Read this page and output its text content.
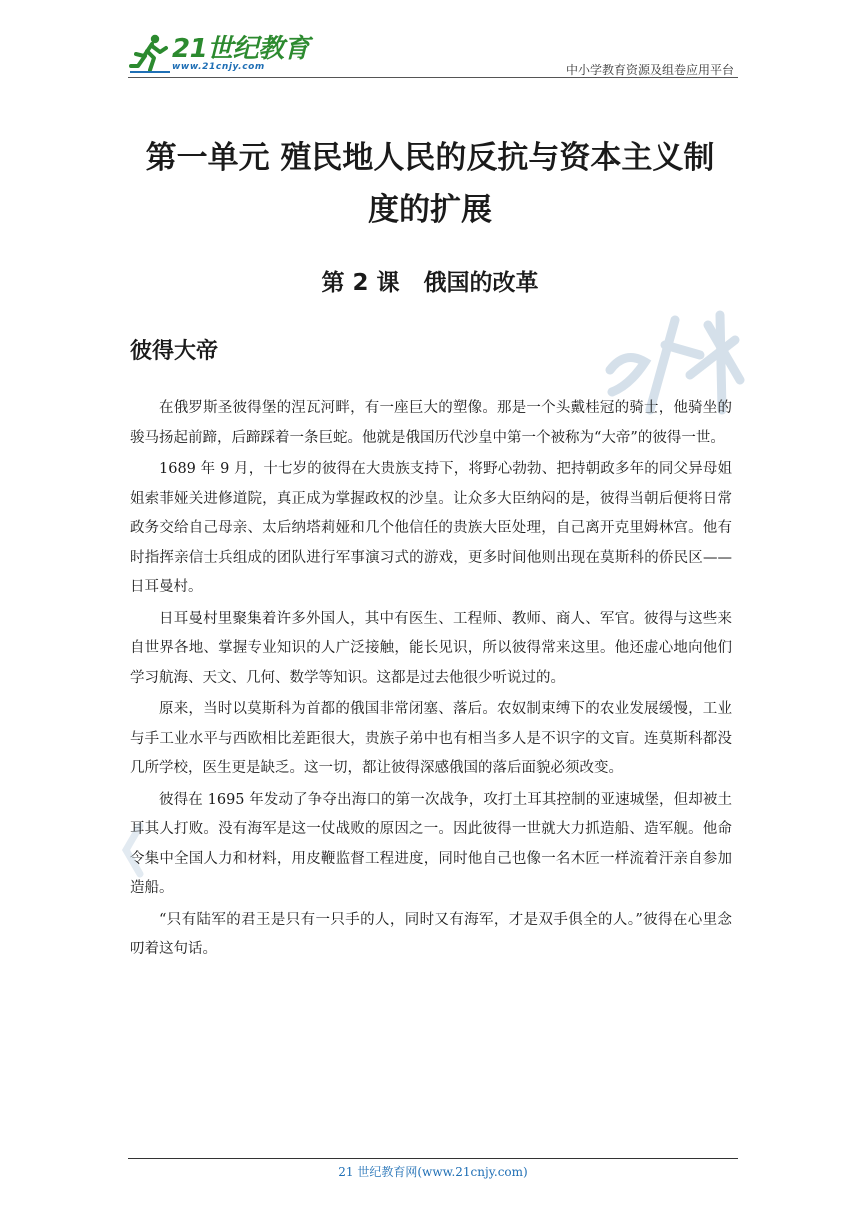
21世纪教育
www.21cnjy.com	中小学教育资源及组卷应用平台
第一单元 殖民地人民的反抗与资本主义制
度的扩展
第 2 课   俄国的改革
彼得大帝

在俄罗斯圣彼得堡的涅瓦河畔，有一座巨大的塑像。那是一个头戴桂冠的骑士，他骑坐的骏马扬起前蹄，后蹄踩着一条巨蛇。他就是俄国历代沙皇中第一个被称为“大帝”的彼得一世。

1689 年 9 月，十七岁的彼得在大贵族支持下，将野心勃勃、把持朝政多年的同父异母姐姐索菲娅关进修道院，真正成为掌握政权的沙皇。让众多大臣纳闷的是，彼得当朝后便将日常政务交给自己母亲、太后纳塔莉娅和几个他信任的贵族大臣处理，自己离开克里姆林宫。他有时指挥亲信士兵组成的团队进行军事演习式的游戏，更多时间他则出现在莫斯科的侨民区——日耳曼村。

日耳曼村里聚集着许多外国人，其中有医生、工程师、教师、商人、军官。彼得与这些来自世界各地、掌握专业知识的人广泛接触，能长见识，所以彼得常来这里。他还虚心地向他们学习航海、天文、几何、数学等知识。这都是过去他很少听说过的。

原来，当时以莫斯科为首都的俄国非常闭塞、落后。农奴制束缚下的农业发展缓慢，工业与手工业水平与西欧相比差距很大，贵族子弟中也有相当多人是不识字的文盲。连莫斯科都没几所学校，医生更是缺乏。这一切，都让彼得深感俄国的落后面貌必须改变。

彼得在 1695 年发动了争夺出海口的第一次战争，攻打土耳其控制的亚速城堡，但却被土耳其人打败。没有海军是这一仗战败的原因之一。因此彼得一世就大力抓造船、造军舰。他命令集中全国人力和材料，用皮鞭监督工程进度，同时他自己也像一名木匠一样流着汗亲自参加造船。

“只有陆军的君王是只有一只手的人，同时又有海军，才是双手俱全的人。”彼得在心里念叨着这句话。

21 世纪教育网(www.21cnjy.com)
